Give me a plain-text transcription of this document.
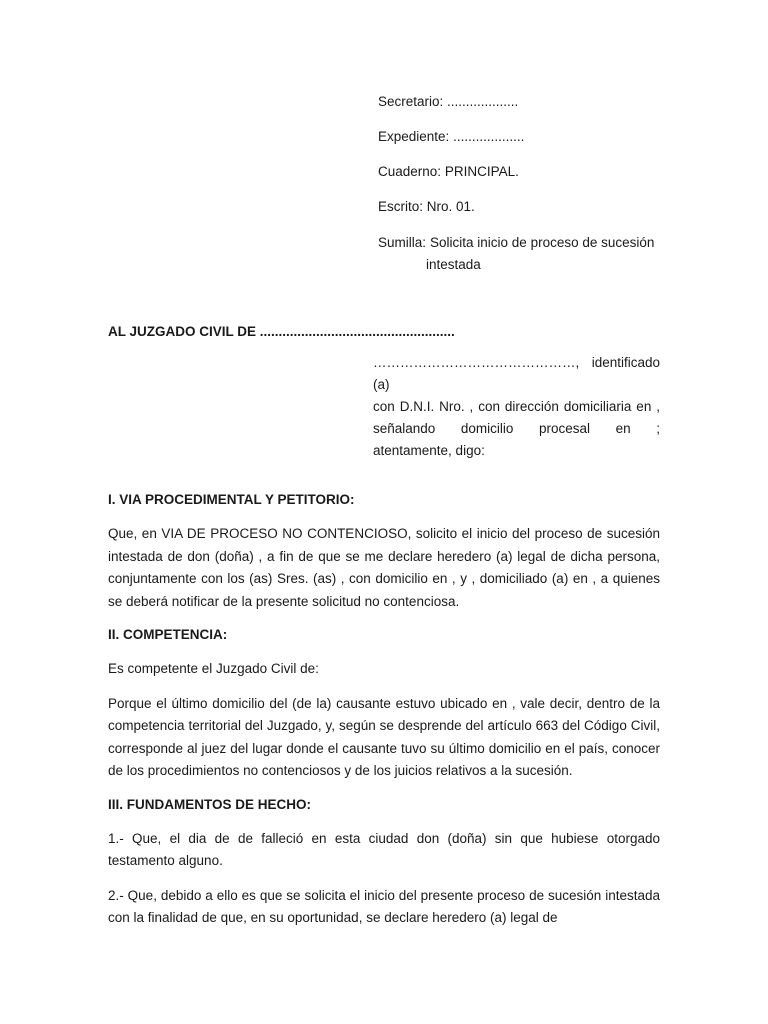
Secretario: ...................
Expediente: ...................
Cuaderno: PRINCIPAL.
Escrito: Nro. 01.
Sumilla: Solicita inicio de proceso de sucesión
intestada
AL JUZGADO CIVIL DE ....................................................
………………………………………, identificado (a)
con D.N.I. Nro. , con dirección domiciliaria en ,
señalando domicilio procesal en ;
atentamente, digo:
I. VIA PROCEDIMENTAL Y PETITORIO:

Que, en VIA DE PROCESO NO CONTENCIOSO, solicito el inicio del proceso de sucesión intestada de don (doña) , a fin de que se me declare heredero (a) legal de dicha persona, conjuntamente con los (as) Sres. (as) , con domicilio en , y , domiciliado (a) en , a quienes se deberá notificar de la presente solicitud no contenciosa.

II. COMPETENCIA:

Es competente el Juzgado Civil de:

Porque el último domicilio del (de la) causante estuvo ubicado en , vale decir, dentro de la competencia territorial del Juzgado, y, según se desprende del artículo 663 del Código Civil, corresponde al juez del lugar donde el causante tuvo su último domicilio en el país, conocer de los procedimientos no contenciosos y de los juicios relativos a la sucesión.

III. FUNDAMENTOS DE HECHO:

1.- Que, el dia de de falleció en esta ciudad don (doña) sin que hubiese otorgado testamento alguno.

2.- Que, debido a ello es que se solicita el inicio del presente proceso de sucesión intestada con la finalidad de que, en su oportunidad, se declare heredero (a) legal de
